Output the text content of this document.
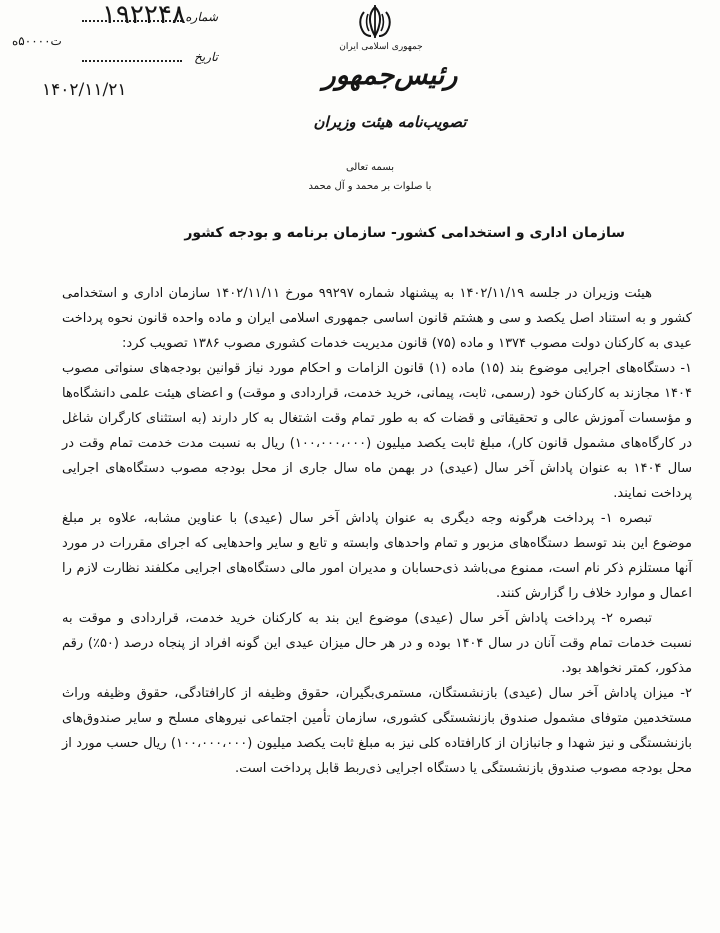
۱۹۲۲۴۸ شماره
ت۵۰۰۰۰ه
تاریخ
۱۴۰۲/۱۱/۲۱
جمهوری اسلامی ایران
رئیس‌جمهور
تصویب‌نامه هیئت وزیران
بسمه تعالی
با صلوات بر محمد و آل محمد
سازمان اداری و استخدامی کشور- سازمان برنامه و بودجه کشور

هیئت وزیران در جلسه ۱۴۰۲/۱۱/۱۹ به پیشنهاد شماره ۹۹۲۹۷ مورخ ۱۴۰۲/۱۱/۱۱ سازمان اداری و استخدامی کشور و به استناد اصل یکصد و سی و هشتم قانون اساسی جمهوری اسلامی ایران و ماده واحده قانون نحوه پرداخت عیدی به کارکنان دولت مصوب ۱۳۷۴ و ماده (۷۵) قانون مدیریت خدمات کشوری مصوب ۱۳۸۶ تصویب کرد:

۱- دستگاه‌های اجرایی موضوع بند (۱۵) ماده (۱) قانون الزامات و احکام مورد نیاز قوانین بودجه‌های سنواتی مصوب ۱۴۰۴ مجازند به کارکنان خود (رسمی، ثابت، پیمانی، خرید خدمت، قراردادی و موقت) و اعضای هیئت علمی دانشگاه‌ها و مؤسسات آموزش عالی و تحقیقاتی و قضات که به طور تمام وقت اشتغال به کار دارند (به استثنای کارگران شاغل در کارگاه‌های مشمول قانون کار)، مبلغ ثابت یکصد میلیون (۱۰۰،۰۰۰،۰۰۰) ریال به نسبت مدت خدمت تمام وقت در سال ۱۴۰۴ به عنوان پاداش آخر سال (عیدی) در بهمن ماه سال جاری از محل بودجه مصوب دستگاه‌های اجرایی پرداخت نمایند.

تبصره ۱- پرداخت هرگونه وجه دیگری به عنوان پاداش آخر سال (عیدی) با عناوین مشابه، علاوه بر مبلغ موضوع این بند توسط دستگاه‌های مزبور و تمام واحدهای وابسته و تابع و سایر واحدهایی که اجرای مقررات در مورد آنها مستلزم ذکر نام است، ممنوع می‌باشد ذی‌حسابان و مدیران امور مالی دستگاه‌های اجرایی مکلفند نظارت لازم را اعمال و موارد خلاف را گزارش کنند.

تبصره ۲- پرداخت پاداش آخر سال (عیدی) موضوع این بند به کارکنان خرید خدمت، قراردادی و موقت به نسبت خدمات تمام وقت آنان در سال ۱۴۰۴ بوده و در هر حال میزان عیدی این گونه افراد از پنجاه درصد (۵۰٪) رقم مذکور، کمتر نخواهد بود.

۲- میزان پاداش آخر سال (عیدی) بازنشستگان، مستمری‌بگیران، حقوق وظیفه از کارافتادگی، حقوق وظیفه وراث مستخدمین متوفای مشمول صندوق بازنشستگی کشوری، سازمان تأمین اجتماعی نیروهای مسلح و سایر صندوق‌های بازنشستگی و نیز شهدا و جانبازان از کارافتاده کلی نیز به مبلغ ثابت یکصد میلیون (۱۰۰،۰۰۰،۰۰۰) ریال حسب مورد از محل بودجه مصوب صندوق بازنشستگی یا دستگاه اجرایی ذی‌ربط قابل پرداخت است.
